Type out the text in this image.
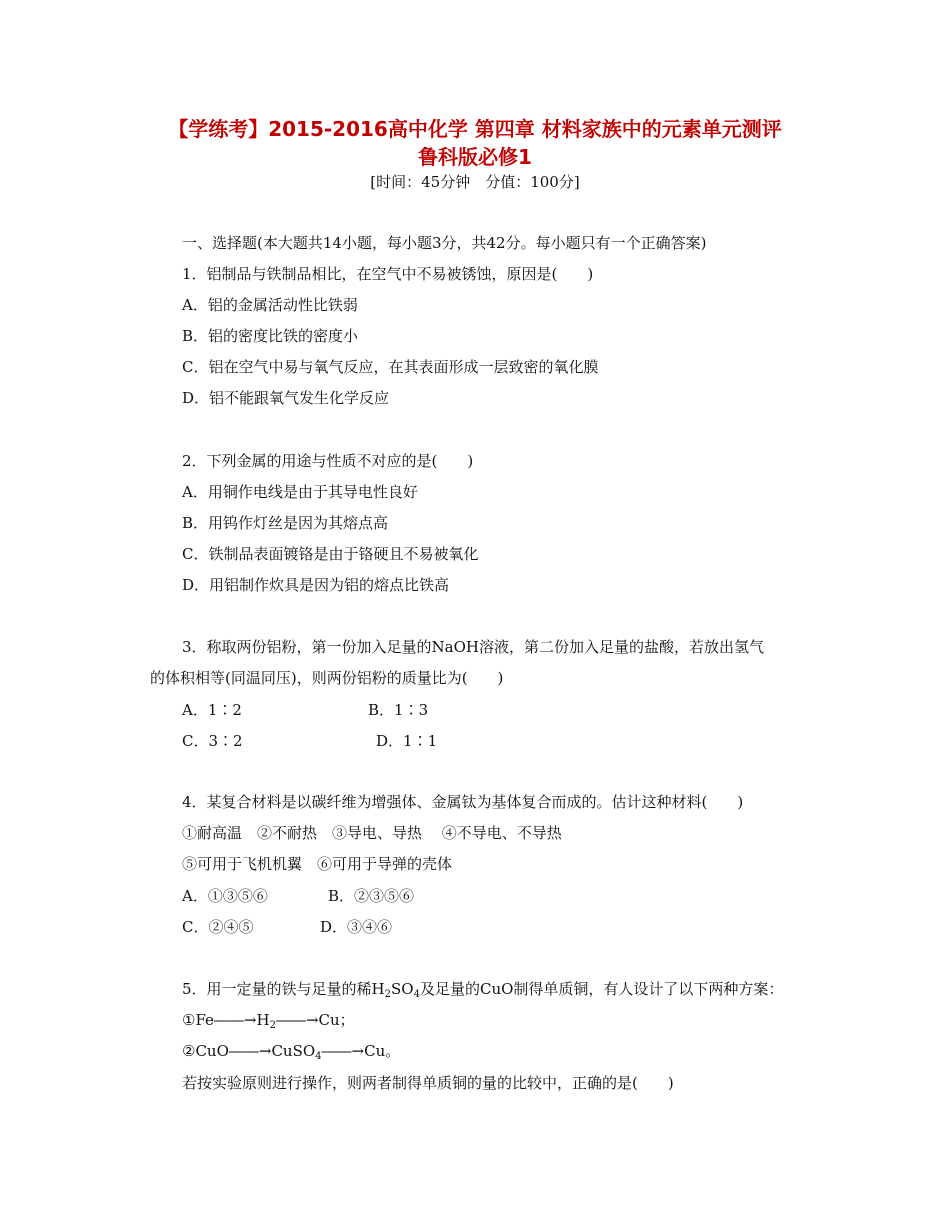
【学练考】2015-2016高中化学 第四章 材料家族中的元素单元测评
鲁科版必修1
[时间：45分钟　分值：100分]
一、选择题(本大题共14小题，每小题3分，共42分。每小题只有一个正确答案)
1．铝制品与铁制品相比，在空气中不易被锈蚀，原因是(　　)
A．铝的金属活动性比铁弱
B．铝的密度比铁的密度小
C．铝在空气中易与氧气反应，在其表面形成一层致密的氧化膜
D．铝不能跟氧气发生化学反应
2．下列金属的用途与性质不对应的是(　　)
A．用铜作电线是由于其导电性良好
B．用钨作灯丝是因为其熔点高
C．铁制品表面镀铬是由于铬硬且不易被氧化
D．用铝制作炊具是因为铝的熔点比铁高
3．称取两份铝粉，第一份加入足量的NaOH溶液，第二份加入足量的盐酸，若放出氢气
的体积相等(同温同压)，则两份铝粉的质量比为(　　)
A．1∶2	B．1∶3
C．3∶2	D．1∶1
4．某复合材料是以碳纤维为增强体、金属钛为基体复合而成的。估计这种材料(　　)
①耐高温　②不耐热　③导电、导热　 ④不导电、不导热
⑤可用于飞机机翼　⑥可用于导弹的壳体
A．①③⑤⑥	B．②③⑤⑥
C．②④⑤	D．③④⑥
5．用一定量的铁与足量的稀$H_2SO_4$及足量的CuO制得单质铜，有人设计了以下两种方案：
$①Fe――\to H_2――\to Cu$；
②CuO――→CuSO$_4$――→Cu。
若按实验原则进行操作，则两者制得单质铜的量的比较中，正确的是(　　)
